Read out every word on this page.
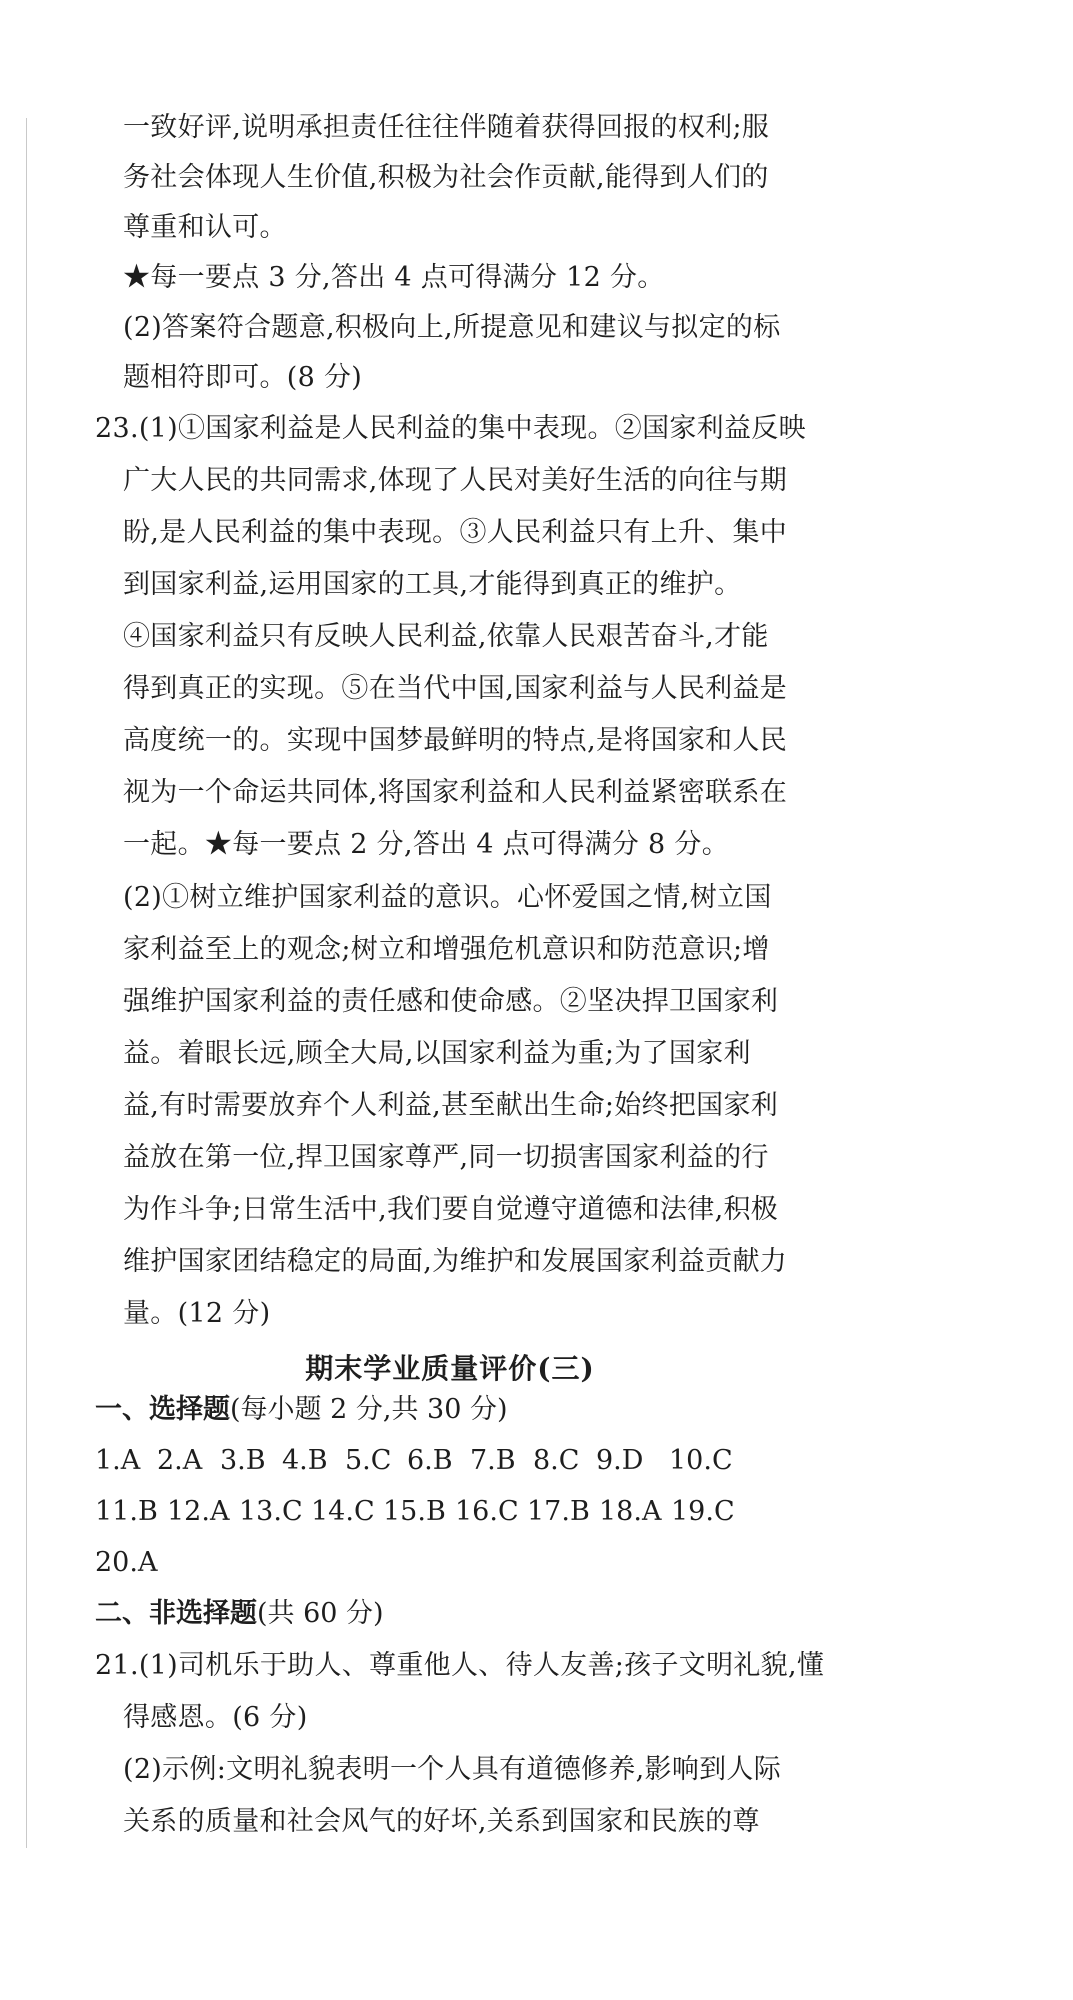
一致好评,说明承担责任往往伴随着获得回报的权利;服
务社会体现人生价值,积极为社会作贡献,能得到人们的
尊重和认可。
★每一要点 3 分,答出 4 点可得满分 12 分。
(2)答案符合题意,积极向上,所提意见和建议与拟定的标
题相符即可。(8 分)
23.(1)①国家利益是人民利益的集中表现。②国家利益反映
广大人民的共同需求,体现了人民对美好生活的向往与期
盼,是人民利益的集中表现。③人民利益只有上升、集中
到国家利益,运用国家的工具,才能得到真正的维护。
④国家利益只有反映人民利益,依靠人民艰苦奋斗,才能
得到真正的实现。⑤在当代中国,国家利益与人民利益是
高度统一的。实现中国梦最鲜明的特点,是将国家和人民
视为一个命运共同体,将国家利益和人民利益紧密联系在
一起。★每一要点 2 分,答出 4 点可得满分 8 分。
(2)①树立维护国家利益的意识。心怀爱国之情,树立国
家利益至上的观念;树立和增强危机意识和防范意识;增
强维护国家利益的责任感和使命感。②坚决捍卫国家利
益。着眼长远,顾全大局,以国家利益为重;为了国家利
益,有时需要放弃个人利益,甚至献出生命;始终把国家利
益放在第一位,捍卫国家尊严,同一切损害国家利益的行
为作斗争;日常生活中,我们要自觉遵守道德和法律,积极
维护国家团结稳定的局面,为维护和发展国家利益贡献力
量。(12 分)
期末学业质量评价(三)
一、选择题(每小题 2 分,共 30 分)
1.A 2.A 3.B 4.B 5.C 6.B 7.B 8.C 9.D 10.C
11.B 12.A 13.C 14.C 15.B 16.C 17.B 18.A 19.C
20.A
二、非选择题(共 60 分)
21.(1)司机乐于助人、尊重他人、待人友善;孩子文明礼貌,懂
得感恩。(6 分)
(2)示例:文明礼貌表明一个人具有道德修养,影响到人际
关系的质量和社会风气的好坏,关系到国家和民族的尊
